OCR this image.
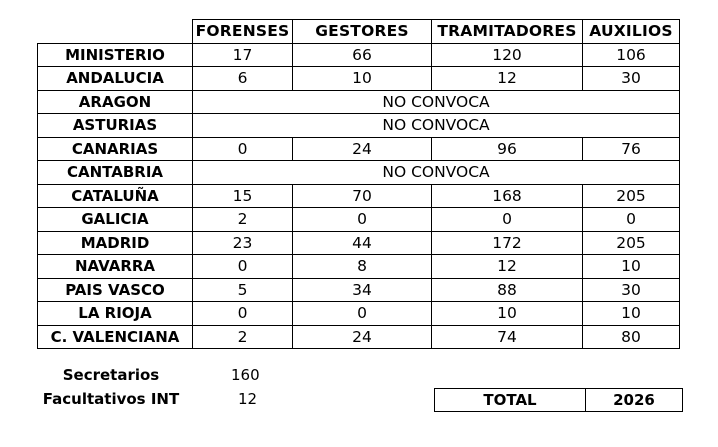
	FORENSES	GESTORES	TRAMITADORES	AUXILIOS
MINISTERIO	17	66	120	106
ANDALUCIA	6	10	12	30
ARAGON	NO CONVOCA			
ASTURIAS	NO CONVOCA			
CANARIAS	0	24	96	76
CANTABRIA	NO CONVOCA			
CATALUÑA	15	70	168	205
GALICIA	2	0	0	0
MADRID	23	44	172	205
NAVARRA	0	8	12	10
PAIS VASCO	5	34	88	30
LA RIOJA	0	0	10	10
C. VALENCIANA	2	24	74	80
Secretarios	160
Facultativos INT	12	TOTAL	2026
